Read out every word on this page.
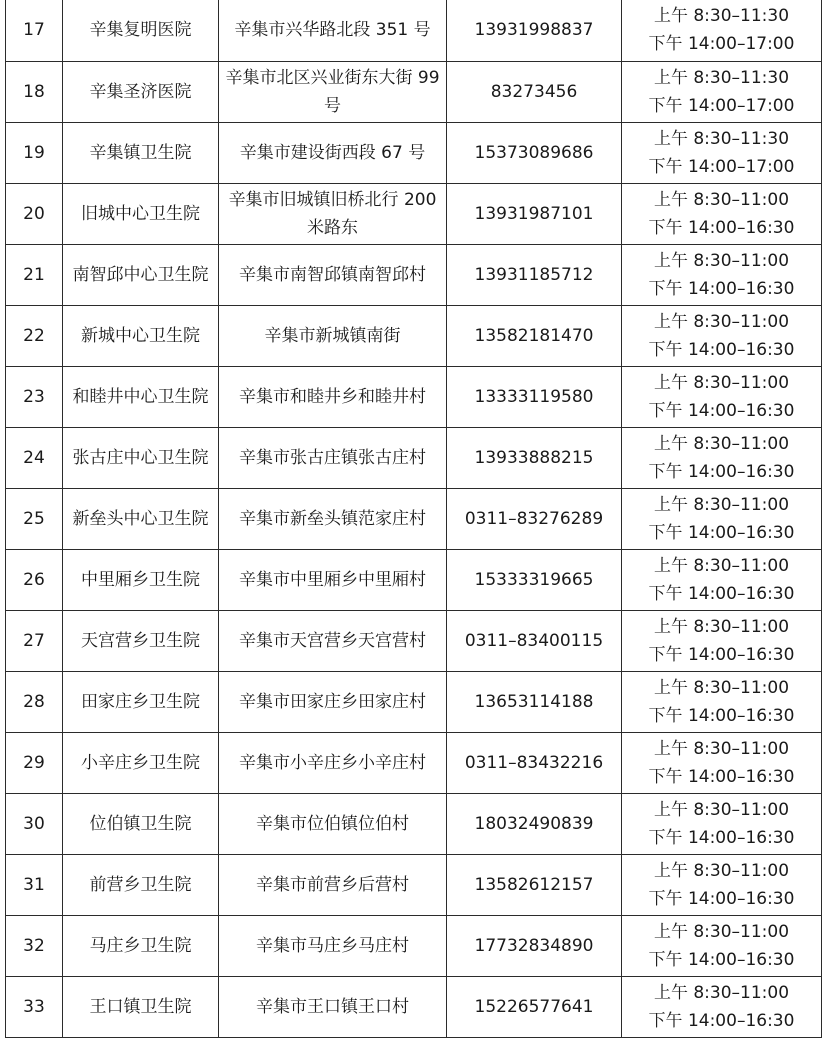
17	辛集复明医院	辛集市兴华路北段 351 号	13931998837	上午 8:30–11:30
下午 14:00–17:00

18	辛集圣济医院	辛集市北区兴业街东大街 99 号	83273456	上午 8:30–11:30
下午 14:00–17:00

19	辛集镇卫生院	辛集市建设街西段 67 号	15373089686	上午 8:30–11:30
下午 14:00–17:00

20	旧城中心卫生院	辛集市旧城镇旧桥北行 200 米路东	13931987101	上午 8:30–11:00
下午 14:00–16:30

21	南智邱中心卫生院	辛集市南智邱镇南智邱村	13931185712	上午 8:30–11:00
下午 14:00–16:30

22	新城中心卫生院	辛集市新城镇南街	13582181470	上午 8:30–11:00
下午 14:00–16:30

23	和睦井中心卫生院	辛集市和睦井乡和睦井村	13333119580	上午 8:30–11:00
下午 14:00–16:30

24	张古庄中心卫生院	辛集市张古庄镇张古庄村	13933888215	上午 8:30–11:00
下午 14:00–16:30

25	新垒头中心卫生院	辛集市新垒头镇范家庄村	0311–83276289	上午 8:30–11:00
下午 14:00–16:30

26	中里厢乡卫生院	辛集市中里厢乡中里厢村	15333319665	上午 8:30–11:00
下午 14:00–16:30

27	天宫营乡卫生院	辛集市天宫营乡天宫营村	0311–83400115	上午 8:30–11:00
下午 14:00–16:30

28	田家庄乡卫生院	辛集市田家庄乡田家庄村	13653114188	上午 8:30–11:00
下午 14:00–16:30

29	小辛庄乡卫生院	辛集市小辛庄乡小辛庄村	0311–83432216	上午 8:30–11:00
下午 14:00–16:30

30	位伯镇卫生院	辛集市位伯镇位伯村	18032490839	上午 8:30–11:00
下午 14:00–16:30

31	前营乡卫生院	辛集市前营乡后营村	13582612157	上午 8:30–11:00
下午 14:00–16:30

32	马庄乡卫生院	辛集市马庄乡马庄村	17732834890	上午 8:30–11:00
下午 14:00–16:30

33	王口镇卫生院	辛集市王口镇王口村	15226577641	上午 8:30–11:00
下午 14:00–16:30
